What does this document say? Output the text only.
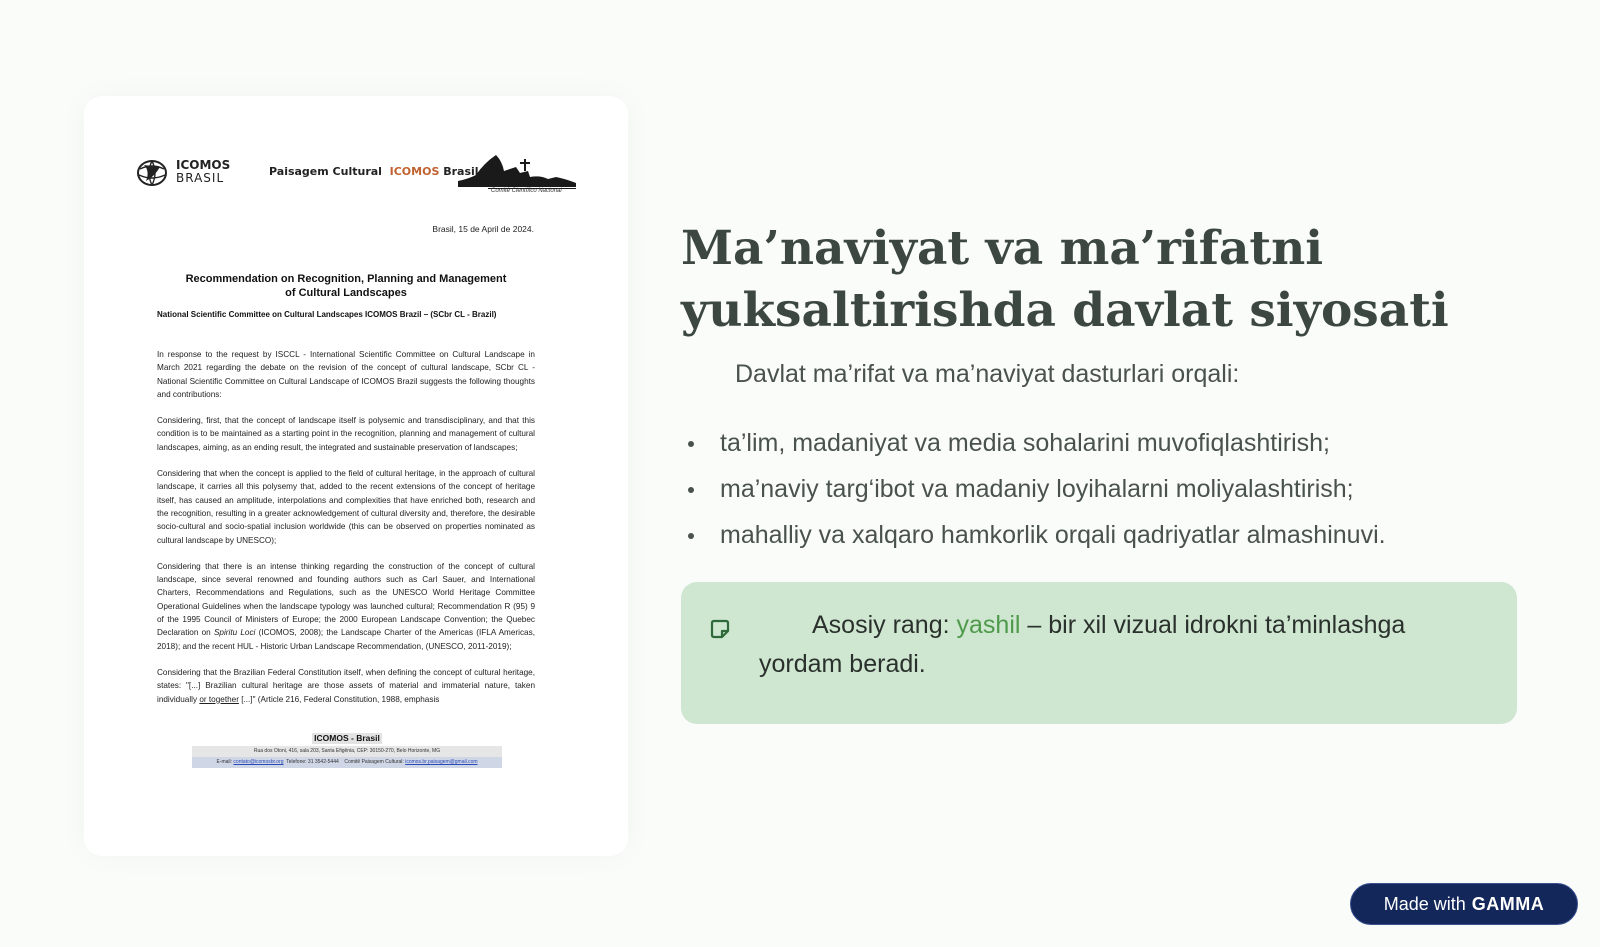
ICOMOS
BRASIL	Paisagem Cultural ICOMOS Brasil
Comitê Científico Nacional
Brasil, 15 de April de 2024.
Recommendation on Recognition, Planning and Management
of Cultural Landscapes
National Scientific Committee on Cultural Landscapes ICOMOS Brazil – (SCbr CL - Brazil)

In response to the request by ISCCL - International Scientific Committee on Cultural Landscape in March 2021 regarding the debate on the revision of the concept of cultural landscape, SCbr CL - National Scientific Committee on Cultural Landscape of ICOMOS Brazil suggests the following thoughts and contributions:

Considering, first, that the concept of landscape itself is polysemic and transdisciplinary, and that this condition is to be maintained as a starting point in the recognition, planning and management of cultural landscapes, aiming, as an ending result, the integrated and sustainable preservation of landscapes;

Considering that when the concept is applied to the field of cultural heritage, in the approach of cultural landscape, it carries all this polysemy that, added to the recent extensions of the concept of heritage itself, has caused an amplitude, interpolations and complexities that have enriched both, research and the recognition, resulting in a greater acknowledgement of cultural diversity and, therefore, the desirable socio-cultural and socio-spatial inclusion worldwide (this can be observed on properties nominated as cultural landscape by UNESCO);

Considering that there is an intense thinking regarding the construction of the concept of cultural landscape, since several renowned and founding authors such as Carl Sauer, and International Charters, Recommendations and Regulations, such as the UNESCO World Heritage Committee Operational Guidelines when the landscape typology was launched cultural; Recommendation R (95) 9 of the 1995 Council of Ministers of Europe; the 2000 European Landscape Convention; the Quebec Declaration on Spiritu Loci (ICOMOS, 2008); the Landscape Charter of the Americas (IFLA Americas, 2018); and the recent HUL - Historic Urban Landscape Recommendation, (UNESCO, 2011-2019);

Considering that the Brazilian Federal Constitution itself, when defining the concept of cultural heritage, states: "[...] Brazilian cultural heritage are those assets of material and immaterial nature, taken individually or together [...]" (Article 216, Federal Constitution, 1988, emphasis

ICOMOS - Brasil
Rua dos Otoni, 416, sala 203, Santa Efigênia, CEP: 30150-270, Belo Horizonte, MG
E-mail: contato@icomosbr.org Telefone: 31 3542-5444 Comitê Paisagem Cultural: icomos.br.paisagem@gmail.com
Ma’naviyat va ma’rifatni
yuksaltirishda davlat siyosati
Davlat ma’rifat va ma’naviyat dasturlari orqali:
ta’lim, madaniyat va media sohalarini muvofiqlashtirish;
ma’naviy targ‘ibot va madaniy loyihalarni moliyalashtirish;
mahalliy va xalqaro hamkorlik orqali qadriyatlar almashinuvi.
Asosiy rang: yashil – bir xil vizual idrokni ta’minlashga yordam beradi.
Made with GAMMA
